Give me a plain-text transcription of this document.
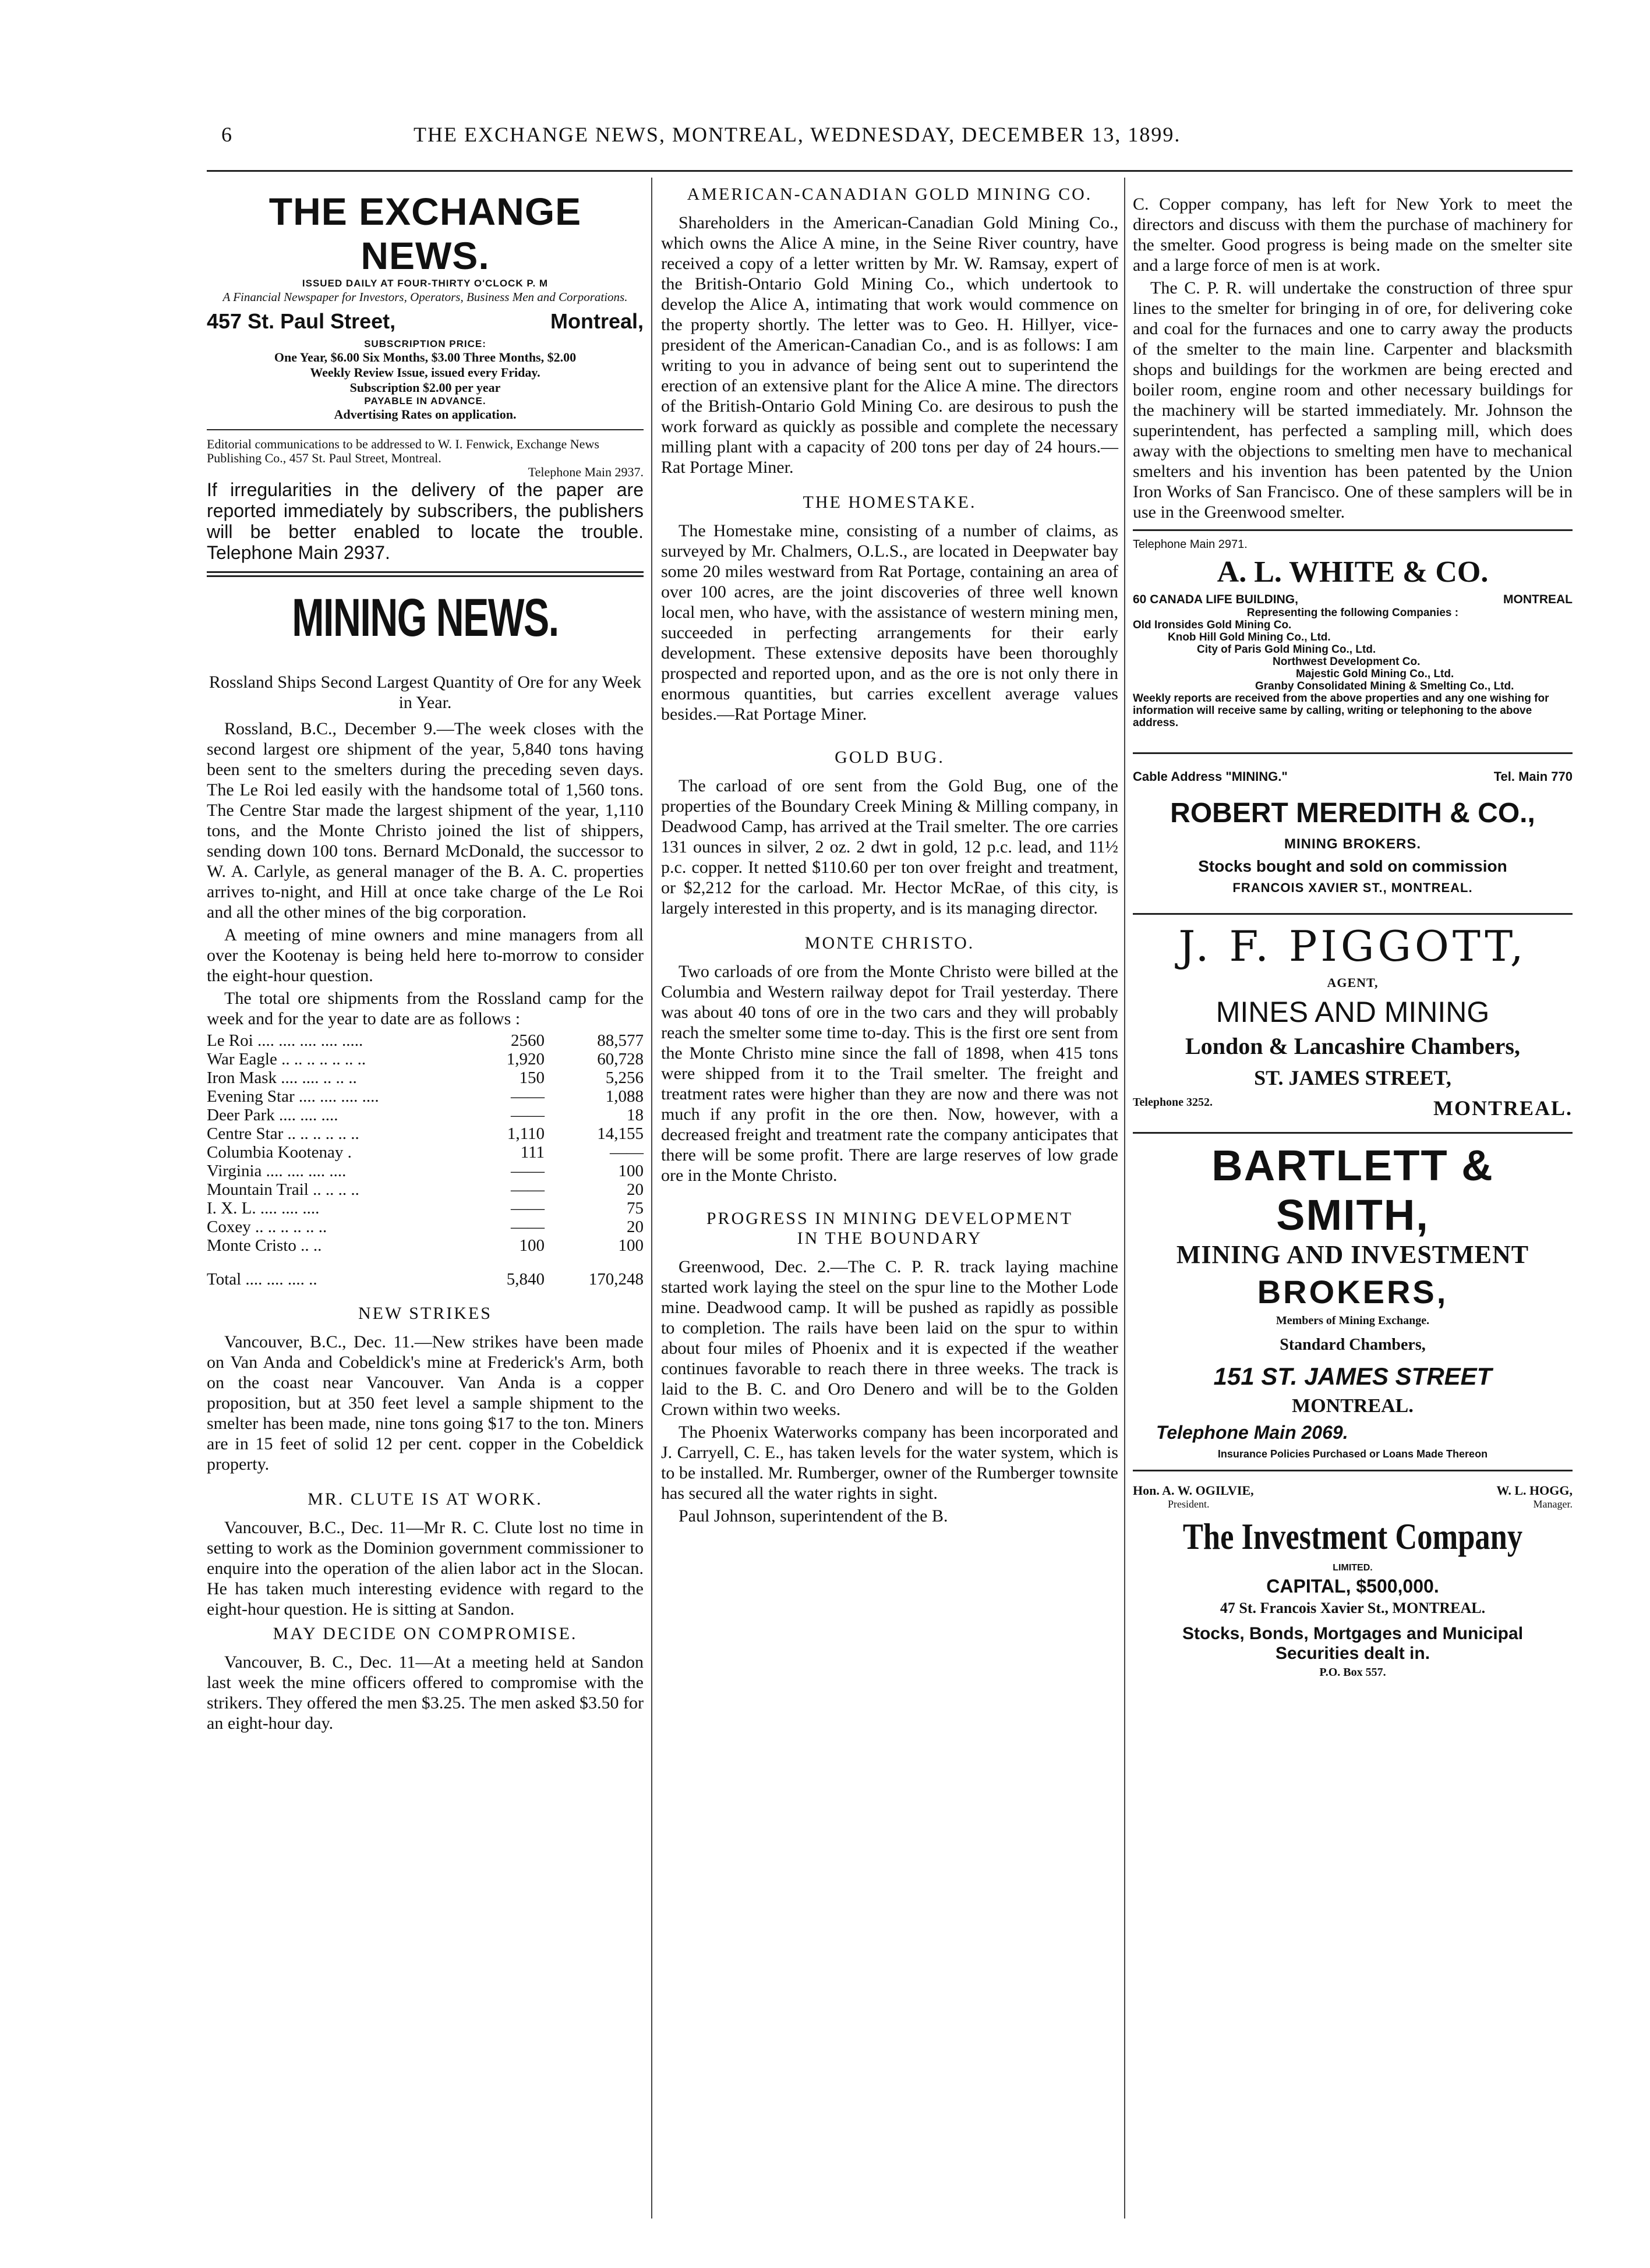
6	THE EXCHANGE NEWS, MONTREAL, WEDNESDAY, DECEMBER 13, 1899.
THE EXCHANGE NEWS.
ISSUED DAILY AT FOUR-THIRTY O'CLOCK P. M
A Financial Newspaper for Investors, Operators, Business Men and Corporations.
457 St. Paul Street,	Montreal,
SUBSCRIPTION PRICE:
One Year, $6.00 Six Months, $3.00 Three Months, $2.00
Weekly Review Issue, issued every Friday.
Subscription $2.00 per year
PAYABLE IN ADVANCE.
Advertising Rates on application.
Editorial communications to be addressed to W. I. Fenwick, Exchange News Publishing Co., 457 St. Paul Street, Montreal.
Telephone Main 2937.
If irregularities in the delivery of the paper are reported immediately by subscribers, the publishers will be better enabled to locate the trouble. Telephone Main 2937.
MINING NEWS.
Rossland Ships Second Largest Quantity of Ore for any Week in Year.

Rossland, B.C., December 9.—The week closes with the second largest ore shipment of the year, 5,840 tons having been sent to the smelters during the preceding seven days. The Le Roi led easily with the handsome total of 1,560 tons. The Centre Star made the largest shipment of the year, 1,110 tons, and the Monte Christo joined the list of shippers, sending down 100 tons. Bernard McDonald, the successor to W. A. Carlyle, as general manager of the B. A. C. properties arrives to-night, and Hill at once take charge of the Le Roi and all the other mines of the big corporation.

A meeting of mine owners and mine managers from all over the Kootenay is being held here to-morrow to consider the eight-hour question.

The total ore shipments from the Rossland camp for the week and for the year to date are as follows :

Le Roi .... .... .... .... .....	2560	88,577
War Eagle .. .. .. .. .. .. ..	1,920	60,728
Iron Mask .... .... .. .. ..	150	5,256
Evening Star .... .... .... ....	——	1,088
Deer Park .... .... ....	——	18
Centre Star .. .. .. .. .. ..	1,110	14,155
Columbia Kootenay .	111	——
Virginia .... .... .... ....	——	100
Mountain Trail .. .. .. ..	——	20
I. X. L. .... .... ....	——	75
Coxey .. .. .. .. .. ..	——	20
Monte Cristo .. ..	100	100
Total .... .... .... ..	5,840	170,248
NEW STRIKES

Vancouver, B.C., Dec. 11.—New strikes have been made on Van Anda and Cobeldick's mine at Frederick's Arm, both on the coast near Vancouver. Van Anda is a copper proposition, but at 350 feet level a sample shipment to the smelter has been made, nine tons going $17 to the ton. Miners are in 15 feet of solid 12 per cent. copper in the Cobeldick property.

MR. CLUTE IS AT WORK.

Vancouver, B.C., Dec. 11—Mr R. C. Clute lost no time in setting to work as the Dominion government commissioner to enquire into the operation of the alien labor act in the Slocan. He has taken much interesting evidence with regard to the eight-hour question. He is sitting at Sandon.

MAY DECIDE ON COMPROMISE.

Vancouver, B. C., Dec. 11—At a meeting held at Sandon last week the mine officers offered to compromise with the strikers. They offered the men $3.25. The men asked $3.50 for an eight-hour day.

AMERICAN-CANADIAN GOLD MINING CO.

Shareholders in the American-Canadian Gold Mining Co., which owns the Alice A mine, in the Seine River country, have received a copy of a letter written by Mr. W. Ramsay, expert of the British-Ontario Gold Mining Co., which undertook to develop the Alice A, intimating that work would commence on the property shortly. The letter was to Geo. H. Hillyer, vice-president of the American-Canadian Co., and is as follows: I am writing to you in advance of being sent out to superintend the erection of an extensive plant for the Alice A mine. The directors of the British-Ontario Gold Mining Co. are desirous to push the work forward as quickly as possible and complete the necessary milling plant with a capacity of 200 tons per day of 24 hours.—Rat Portage Miner.

THE HOMESTAKE.

The Homestake mine, consisting of a number of claims, as surveyed by Mr. Chalmers, O.L.S., are located in Deepwater bay some 20 miles westward from Rat Portage, containing an area of over 100 acres, are the joint discoveries of three well known local men, who have, with the assistance of western mining men, succeeded in perfecting arrangements for their early development. These extensive deposits have been thoroughly prospected and reported upon, and as the ore is not only there in enormous quantities, but carries excellent average values besides.—Rat Portage Miner.

GOLD BUG.

The carload of ore sent from the Gold Bug, one of the properties of the Boundary Creek Mining & Milling company, in Deadwood Camp, has arrived at the Trail smelter. The ore carries 131 ounces in silver, 2 oz. 2 dwt in gold, 12 p.c. lead, and 11½ p.c. copper. It netted $110.60 per ton over freight and treatment, or $2,212 for the carload. Mr. Hector McRae, of this city, is largely interested in this property, and is its managing director.

MONTE CHRISTO.

Two carloads of ore from the Monte Christo were billed at the Columbia and Western railway depot for Trail yesterday. There was about 40 tons of ore in the two cars and they will probably reach the smelter some time to-day. This is the first ore sent from the Monte Christo mine since the fall of 1898, when 415 tons were shipped from it to the Trail smelter. The freight and treatment rates were higher than they are now and there was not much if any profit in the ore then. Now, however, with a decreased freight and treatment rate the company anticipates that there will be some profit. There are large reserves of low grade ore in the Monte Christo.

PROGRESS IN MINING DEVELOPMENT IN THE BOUNDARY

Greenwood, Dec. 2.—The C. P. R. track laying machine started work laying the steel on the spur line to the Mother Lode mine. Deadwood camp. It will be pushed as rapidly as possible to completion. The rails have been laid on the spur to within about four miles of Phoenix and it is expected if the weather continues favorable to reach there in three weeks. The track is laid to the B. C. and Oro Denero and will be to the Golden Crown within two weeks.

The Phoenix Waterworks company has been incorporated and J. Carryell, C. E., has taken levels for the water system, which is to be installed. Mr. Rumberger, owner of the Rumberger townsite has secured all the water rights in sight.

Paul Johnson, superintendent of the B.

C. Copper company, has left for New York to meet the directors and discuss with them the purchase of machinery for the smelter. Good progress is being made on the smelter site and a large force of men is at work.

The C. P. R. will undertake the construction of three spur lines to the smelter for bringing in of ore, for delivering coke and coal for the furnaces and one to carry away the products of the smelter to the main line. Carpenter and blacksmith shops and buildings for the workmen are being erected and boiler room, engine room and other necessary buildings for the machinery will be started immediately. Mr. Johnson the superintendent, has perfected a sampling mill, which does away with the objections to smelting men have to mechanical smelters and his invention has been patented by the Union Iron Works of San Francisco. One of these samplers will be in use in the Greenwood smelter.

Telephone Main 2971.
A. L. WHITE & CO.
60 CANADA LIFE BUILDING,	MONTREAL
Representing the following Companies :
Old Ironsides Gold Mining Co.
Knob Hill Gold Mining Co., Ltd.
City of Paris Gold Mining Co., Ltd.
Northwest Development Co.
Majestic Gold Mining Co., Ltd.
Granby Consolidated Mining & Smelting Co., Ltd.
Weekly reports are received from the above properties and any one wishing for information will receive same by calling, writing or telephoning to the above address.
Cable Address "MINING."	Tel. Main 770
ROBERT MEREDITH & CO.,
MINING BROKERS.
Stocks bought and sold on commission
FRANCOIS XAVIER ST., MONTREAL.
J. F. PIGGOTT,
AGENT,
MINES AND MINING
London & Lancashire Chambers,
ST. JAMES STREET,
Telephone 3252.	MONTREAL.
BARTLETT & SMITH,
MINING AND INVESTMENT
BROKERS,
Members of Mining Exchange.
Standard Chambers,
151 ST. JAMES STREET
MONTREAL.
Telephone Main 2069.
Insurance Policies Purchased or Loans Made Thereon
Hon. A. W. OGILVIE,	W. L. HOGG,
President.	Manager.
The Investment Company
LIMITED.
CAPITAL, $500,000.
47 St. Francois Xavier St., MONTREAL.
Stocks, Bonds, Mortgages and Municipal Securities dealt in.
P.O. Box 557.
